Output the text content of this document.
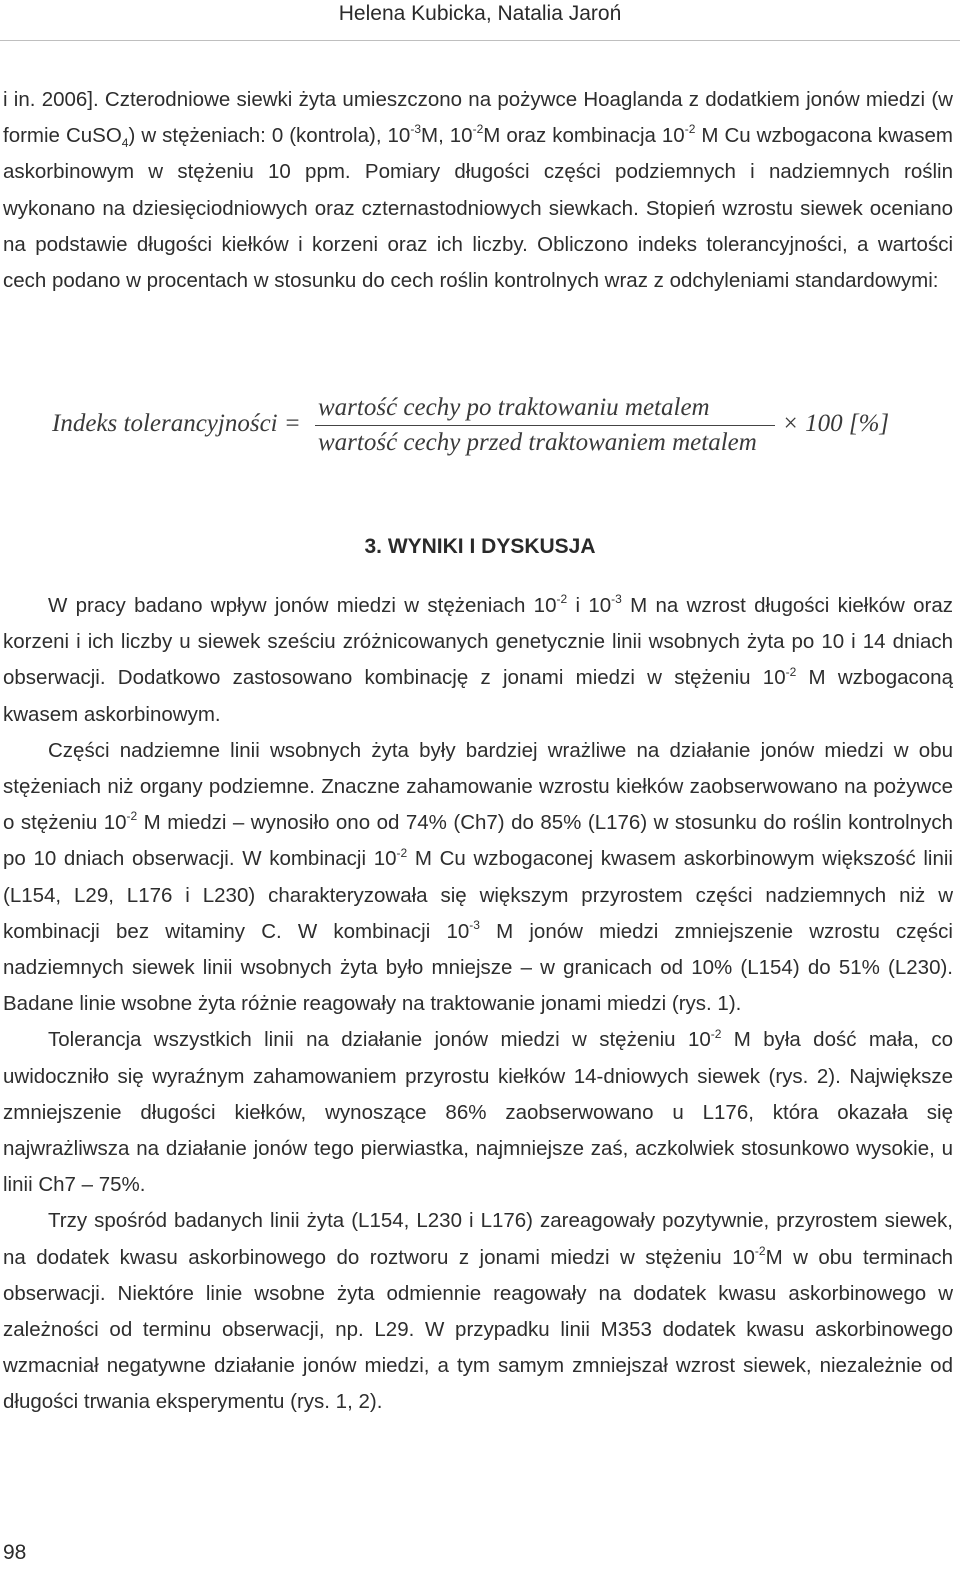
Helena Kubicka, Natalia Jaroń

i in. 2006]. Czterodniowe siewki żyta umieszczono na pożywce Hoaglanda z dodatkiem jonów miedzi (w formie CuSO$_4$) w stężeniach: 0 (kontrola), $10^{-3}M$, $10^{-2}M$ oraz kombinacja $10^{-2}$ M Cu wzbogacona kwasem askorbinowym w stężeniu 10 ppm. Pomiary długości części podziemnych i nadziemnych roślin wykonano na dziesięciodniowych oraz czternastodniowych siewkach. Stopień wzrostu siewek oceniano na podstawie długości kiełków i korzeni oraz ich liczby. Obliczono indeks tolerancyjności, a wartości cech podano w procentach w stosunku do cech roślin kontrolnych wraz z odchyleniami standardowymi:

Indeks tolerancyjności =
wartość cechy po traktowaniu metalem
wartość cechy przed traktowaniem metalem
× 100 [%]
3. WYNIKI I DYSKUSJA

W pracy badano wpływ jonów miedzi w stężeniach $10^{-2}$ i $10^{-3}$ M na wzrost długości kiełków oraz korzeni i ich liczby u siewek sześciu zróżnicowanych genetycznie linii wsobnych żyta po 10 i 14 dniach obserwacji. Dodatkowo zastosowano kombinację z jonami miedzi w stężeniu $10^{-2}$ M wzbogaconą kwasem askorbinowym.

Części nadziemne linii wsobnych żyta były bardziej wrażliwe na działanie jonów miedzi w obu stężeniach niż organy podziemne. Znaczne zahamowanie wzrostu kiełków zaobserwowano na pożywce o stężeniu $10^{-2}$ M miedzi – wynosiło ono od 74% (Ch7) do 85% (L176) w stosunku do roślin kontrolnych po 10 dniach obserwacji. W kombinacji $10^{-2}$ M Cu wzbogaconej kwasem askorbinowym większość linii (L154, L29, L176 i L230) charakteryzowała się większym przyrostem części nadziemnych niż w kombinacji bez witaminy C. W kombinacji $10^{-3}$ M jonów miedzi zmniejszenie wzrostu części nadziemnych siewek linii wsobnych żyta było mniejsze – w granicach od 10% (L154) do 51% (L230). Badane linie wsobne żyta różnie reagowały na traktowanie jonami miedzi (rys. 1).

Tolerancja wszystkich linii na działanie jonów miedzi w stężeniu $10^{-2}$ M była dość mała, co uwidoczniło się wyraźnym zahamowaniem przyrostu kiełków 14-dniowych siewek (rys. 2). Największe zmniejszenie długości kiełków, wynoszące 86% zaobserwowano u L176, która okazała się najwrażliwsza na działanie jonów tego pierwiastka, najmniejsze zaś, aczkolwiek stosunkowo wysokie, u linii Ch7 – 75%.

Trzy spośród badanych linii żyta (L154, L230 i L176) zareagowały pozytywnie, przyrostem siewek, na dodatek kwasu askorbinowego do roztworu z jonami miedzi w stężeniu $10^{-2}M$ w obu terminach obserwacji. Niektóre linie wsobne żyta odmiennie reagowały na dodatek kwasu askorbinowego w zależności od terminu obserwacji, np. L29. W przypadku linii M353 dodatek kwasu askorbinowego wzmacniał negatywne działanie jonów miedzi, a tym samym zmniejszał wzrost siewek, niezależnie od długości trwania eksperymentu (rys. 1, 2).

98
